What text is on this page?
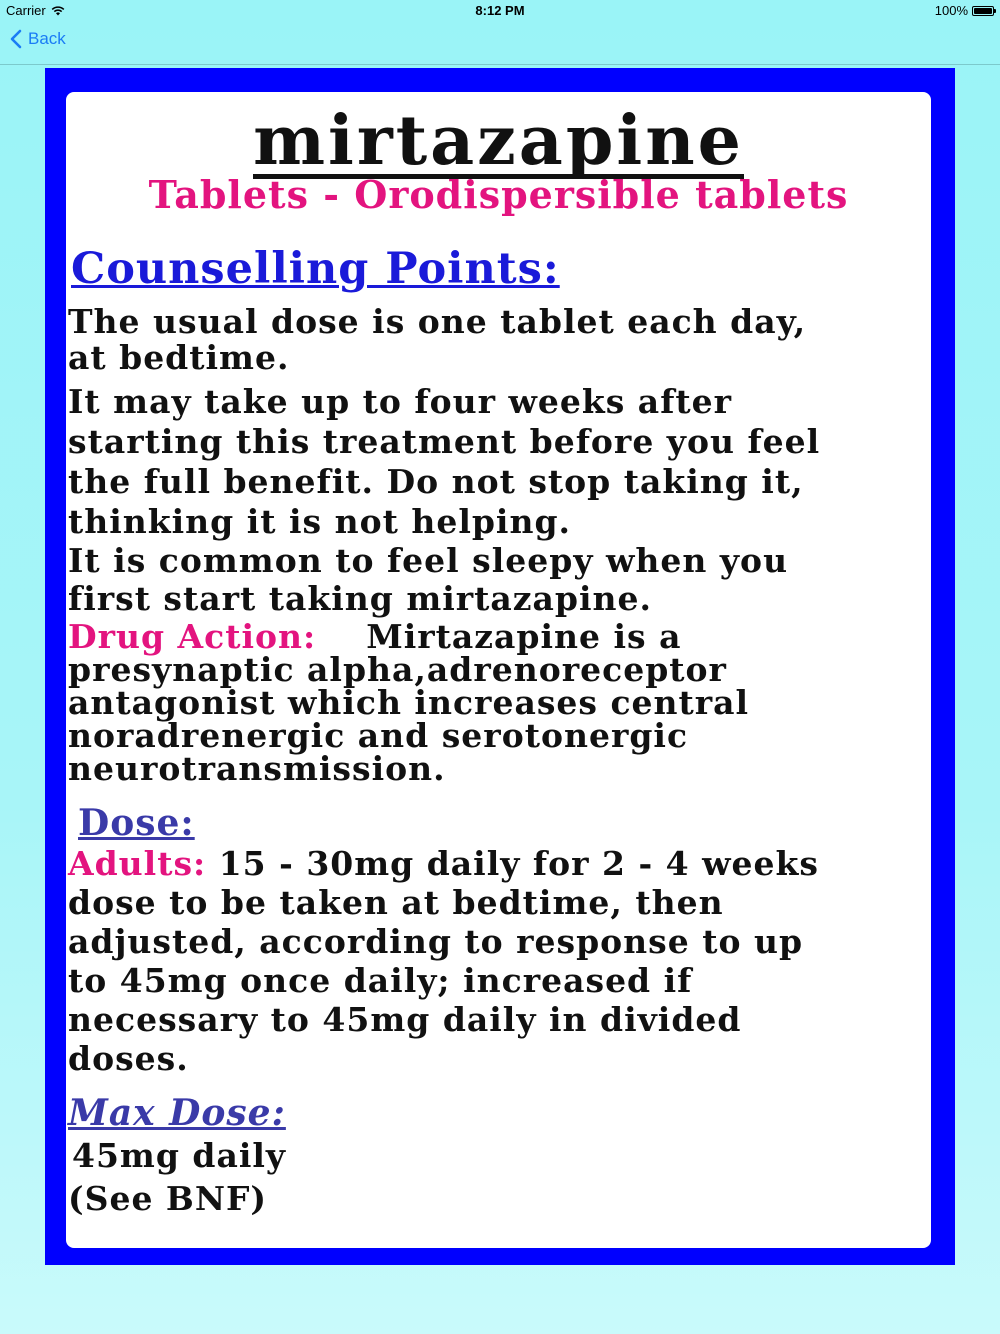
Carrier	8:12 PM	100%
Back
mirtazapine
Tablets - Orodispersible tablets
Counselling Points:
The usual dose is one tablet each day,
at bedtime.
It may take up to four weeks after
starting this treatment before you feel
the full benefit. Do not stop taking it,
thinking it is not helping.
It is common to feel sleepy when you
first start taking mirtazapine.
Drug Action: Mirtazapine is a
presynaptic alpha,adrenoreceptor
antagonist which increases central
noradrenergic and serotonergic
neurotransmission.
Dose:
Adults: 15 - 30mg daily for 2 - 4 weeks
dose to be taken at bedtime, then
adjusted, according to response to up
to 45mg once daily; increased if
necessary to 45mg daily in divided
doses.
Max Dose:
45mg daily
(See BNF)
